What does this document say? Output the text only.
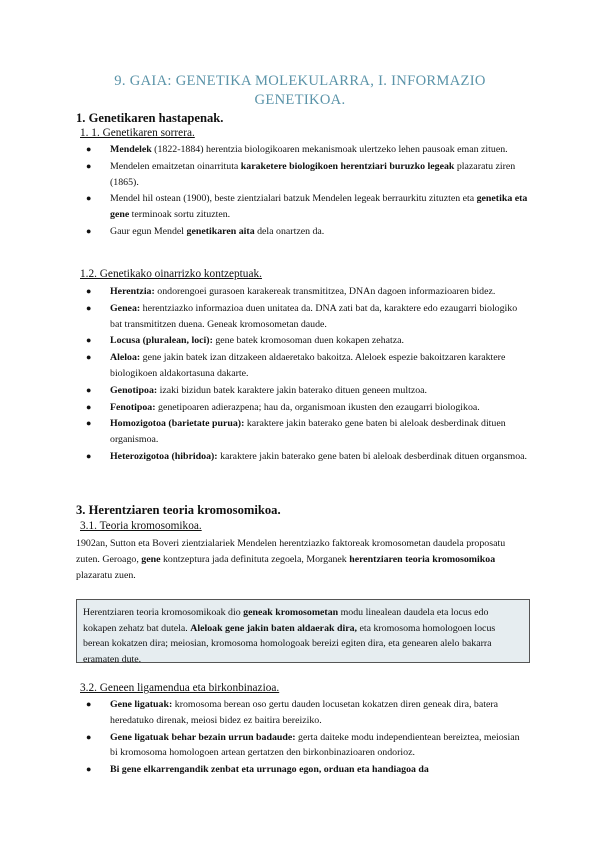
9. GAIA: GENETIKA MOLEKULARRA, I. INFORMAZIO
GENETIKOA.
1. Genetikaren hastapenak.
1. 1. Genetikaren sorrera.
● Mendelek (1822-1884) herentzia biologikoaren mekanismoak ulertzeko lehen pausoak eman zituen.
● Mendelen emaitzetan oinarrituta karaketere biologikoen herentziari buruzko legeak plazaratu ziren (1865).
● Mendel hil ostean (1900), beste zientzialari batzuk Mendelen legeak berraurkitu zituzten eta genetika eta gene terminoak sortu zituzten.
● Gaur egun Mendel genetikaren aita dela onartzen da.
1.2. Genetikako oinarrizko kontzeptuak.
● Herentzia: ondorengoei gurasoen karakereak transmititzea, DNAn dagoen informazioaren bidez.
● Genea: herentziazko informazioa duen unitatea da. DNA zati bat da, karaktere edo ezaugarri biologiko bat transmititzen duena. Geneak kromosometan daude.
● Locusa (pluralean, loci): gene batek kromosoman duen kokapen zehatza.
● Aleloa: gene jakin batek izan ditzakeen aldaeretako bakoitza. Aleloek espezie bakoitzaren karaktere biologikoen aldakortasuna dakarte.
● Genotipoa: izaki bizidun batek karaktere jakin baterako dituen geneen multzoa.
● Fenotipoa: genetipoaren adierazpena; hau da, organismoan ikusten den ezaugarri biologikoa.
● Homozigotoa (barietate purua): karaktere jakin baterako gene baten bi aleloak desberdinak dituen organismoa.
● Heterozigotoa (hibridoa): karaktere jakin baterako gene baten bi aleloak desberdinak dituen organsmoa.
3. Herentziaren teoria kromosomikoa.
3.1. Teoria kromosomikoa.
1902an, Sutton eta Boveri zientzialariek Mendelen herentziazko faktoreak kromosometan daudela proposatu zuten. Geroago, gene kontzeptura jada definituta zegoela, Morganek herentziaren teoria kromosomikoa plazaratu zuen.
Herentziaren teoria kromosomikoak dio geneak kromosometan modu linealean daudela eta locus edo kokapen zehatz bat dutela. Aleloak gene jakin baten aldaerak dira, eta kromosoma homologoen locus berean kokatzen dira; meiosian, kromosoma homologoak bereizi egiten dira, eta genearen alelo bakarra eramaten dute.
3.2. Geneen ligamendua eta birkonbinazioa.
● Gene ligatuak: kromosoma berean oso gertu dauden locusetan kokatzen diren geneak dira, batera heredatuko direnak, meiosi bidez ez baitira bereiziko.
● Gene ligatuak behar bezain urrun badaude: gerta daiteke modu independientean bereiztea, meiosian bi kromosoma homologoen artean gertatzen den birkonbinazioaren ondorioz.
● Bi gene elkarrengandik zenbat eta urrunago egon, orduan eta handiagoa da
